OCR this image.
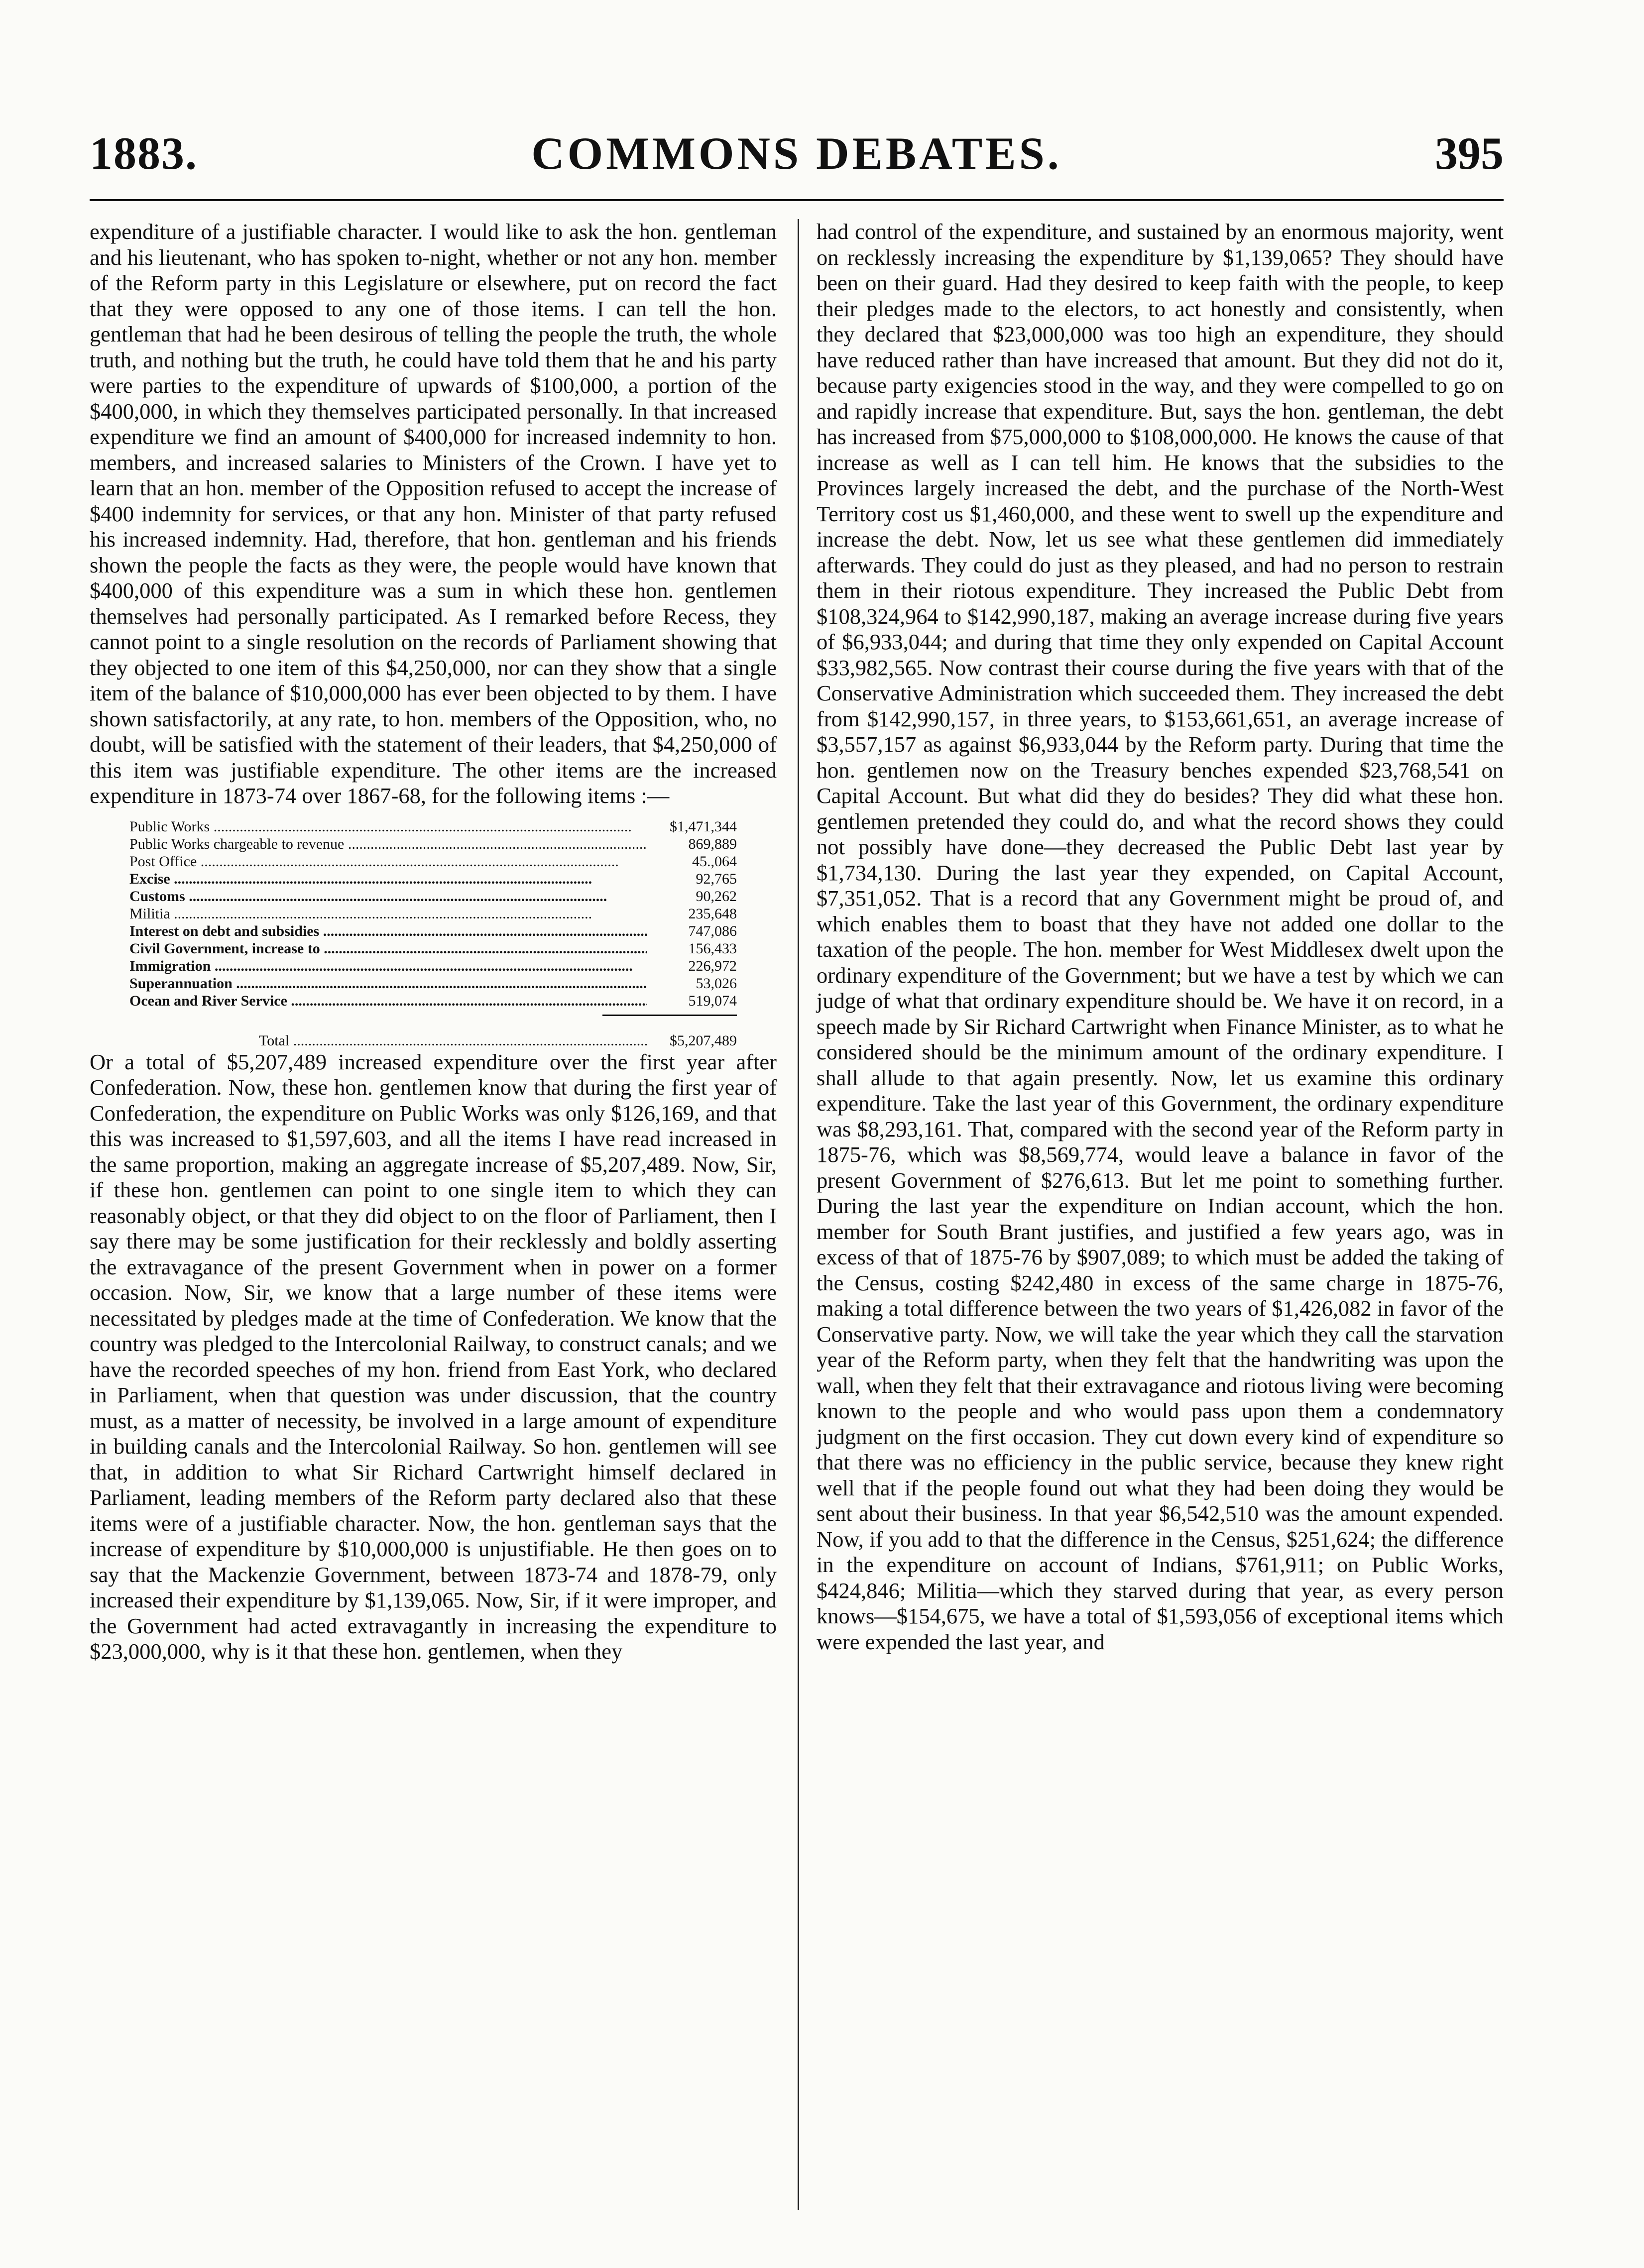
1883.	COMMONS DEBATES.	395

expenditure of a justifiable character. I would like to ask the hon. gentleman and his lieutenant, who has spoken to-night, whether or not any hon. member of the Reform party in this Legislature or elsewhere, put on record the fact that they were opposed to any one of those items. I can tell the hon. gentleman that had he been desirous of telling the people the truth, the whole truth, and nothing but the truth, he could have told them that he and his party were parties to the expenditure of upwards of $100,000, a portion of the $400,000, in which they themselves participated personally. In that increased expenditure we find an amount of $400,000 for increased indemnity to hon. members, and increased salaries to Ministers of the Crown. I have yet to learn that an hon. member of the Opposition refused to accept the increase of $400 indemnity for services, or that any hon. Minister of that party refused his increased indemnity. Had, therefore, that hon. gentleman and his friends shown the people the facts as they were, the people would have known that $400,000 of this expenditure was a sum in which these hon. gentlemen themselves had personally participated. As I remarked before Recess, they cannot point to a single resolution on the records of Parliament showing that they objected to one item of this $4,250,000, nor can they show that a single item of the balance of $10,000,000 has ever been objected to by them. I have shown satisfactorily, at any rate, to hon. members of the Opposition, who, no doubt, will be satisfied with the statement of their leaders, that $4,250,000 of this item was justifiable expenditure. The other items are the increased expenditure in 1873-74 over 1867-68, for the following items :—

Public Works .....	$1,471,344
Public Works chargeable to revenue .....	869,889
Post Office .....	45.,064
Excise .....	92,765
Customs .....	90,262
Militia .....	235,648
Interest on debt and subsidies .....	747,086
Civil Government, increase to .....	156,433
Immigration .....	226,972
Superannuation .....	53,026
Ocean and River Service .....	519,074
Total .....	$5,207,489

Or a total of $5,207,489 increased expenditure over the first year after Confederation. Now, these hon. gentlemen know that during the first year of Confederation, the expenditure on Public Works was only $126,169, and that this was increased to $1,597,603, and all the items I have read increased in the same proportion, making an aggregate increase of $5,207,489. Now, Sir, if these hon. gentlemen can point to one single item to which they can reasonably object, or that they did object to on the floor of Parliament, then I say there may be some justification for their recklessly and boldly asserting the extravagance of the present Government when in power on a former occasion. Now, Sir, we know that a large number of these items were necessitated by pledges made at the time of Confederation. We know that the country was pledged to the Intercolonial Railway, to construct canals; and we have the recorded speeches of my hon. friend from East York, who declared in Parliament, when that question was under discussion, that the country must, as a matter of necessity, be involved in a large amount of expenditure in building canals and the Intercolonial Railway. So hon. gentlemen will see that, in addition to what Sir Richard Cartwright himself declared in Parliament, leading members of the Reform party declared also that these items were of a justifiable character. Now, the hon. gentleman says that the increase of expenditure by $10,000,000 is unjustifiable. He then goes on to say that the Mackenzie Government, between 1873-74 and 1878-79, only increased their expenditure by $1,139,065. Now, Sir, if it were improper, and the Government had acted extravagantly in increasing the expenditure to $23,000,000, why is it that these hon. gentlemen, when they

had control of the expenditure, and sustained by an enormous majority, went on recklessly increasing the expenditure by $1,139,065? They should have been on their guard. Had they desired to keep faith with the people, to keep their pledges made to the electors, to act honestly and consistently, when they declared that $23,000,000 was too high an expenditure, they should have reduced rather than have increased that amount. But they did not do it, because party exigencies stood in the way, and they were compelled to go on and rapidly increase that expenditure. But, says the hon. gentleman, the debt has increased from $75,000,000 to $108,000,000. He knows the cause of that increase as well as I can tell him. He knows that the subsidies to the Provinces largely increased the debt, and the purchase of the North-West Territory cost us $1,460,000, and these went to swell up the expenditure and increase the debt. Now, let us see what these gentlemen did immediately afterwards. They could do just as they pleased, and had no person to restrain them in their riotous expenditure. They increased the Public Debt from $108,324,964 to $142,990,187, making an average increase during five years of $6,933,044; and during that time they only expended on Capital Account $33,982,565. Now contrast their course during the five years with that of the Conservative Administration which succeeded them. They increased the debt from $142,990,157, in three years, to $153,661,651, an average increase of $3,557,157 as against $6,933,044 by the Reform party. During that time the hon. gentlemen now on the Treasury benches expended $23,768,541 on Capital Account. But what did they do besides? They did what these hon. gentlemen pretended they could do, and what the record shows they could not possibly have done—they decreased the Public Debt last year by $1,734,130. During the last year they expended, on Capital Account, $7,351,052. That is a record that any Government might be proud of, and which enables them to boast that they have not added one dollar to the taxation of the people. The hon. member for West Middlesex dwelt upon the ordinary expenditure of the Government; but we have a test by which we can judge of what that ordinary expenditure should be. We have it on record, in a speech made by Sir Richard Cartwright when Finance Minister, as to what he considered should be the minimum amount of the ordinary expenditure. I shall allude to that again presently. Now, let us examine this ordinary expenditure. Take the last year of this Government, the ordinary expenditure was $8,293,161. That, compared with the second year of the Reform party in 1875-76, which was $8,569,774, would leave a balance in favor of the present Government of $276,613. But let me point to something further. During the last year the expenditure on Indian account, which the hon. member for South Brant justifies, and justified a few years ago, was in excess of that of 1875-76 by $907,089; to which must be added the taking of the Census, costing $242,480 in excess of the same charge in 1875-76, making a total difference between the two years of $1,426,082 in favor of the Conservative party. Now, we will take the year which they call the starvation year of the Reform party, when they felt that the handwriting was upon the wall, when they felt that their extravagance and riotous living were becoming known to the people and who would pass upon them a condemnatory judgment on the first occasion. They cut down every kind of expenditure so that there was no efficiency in the public service, because they knew right well that if the people found out what they had been doing they would be sent about their business. In that year $6,542,510 was the amount expended. Now, if you add to that the difference in the Census, $251,624; the difference in the expenditure on account of Indians, $761,911; on Public Works, $424,846; Militia—which they starved during that year, as every person knows—$154,675, we have a total of $1,593,056 of exceptional items which were expended the last year, and
